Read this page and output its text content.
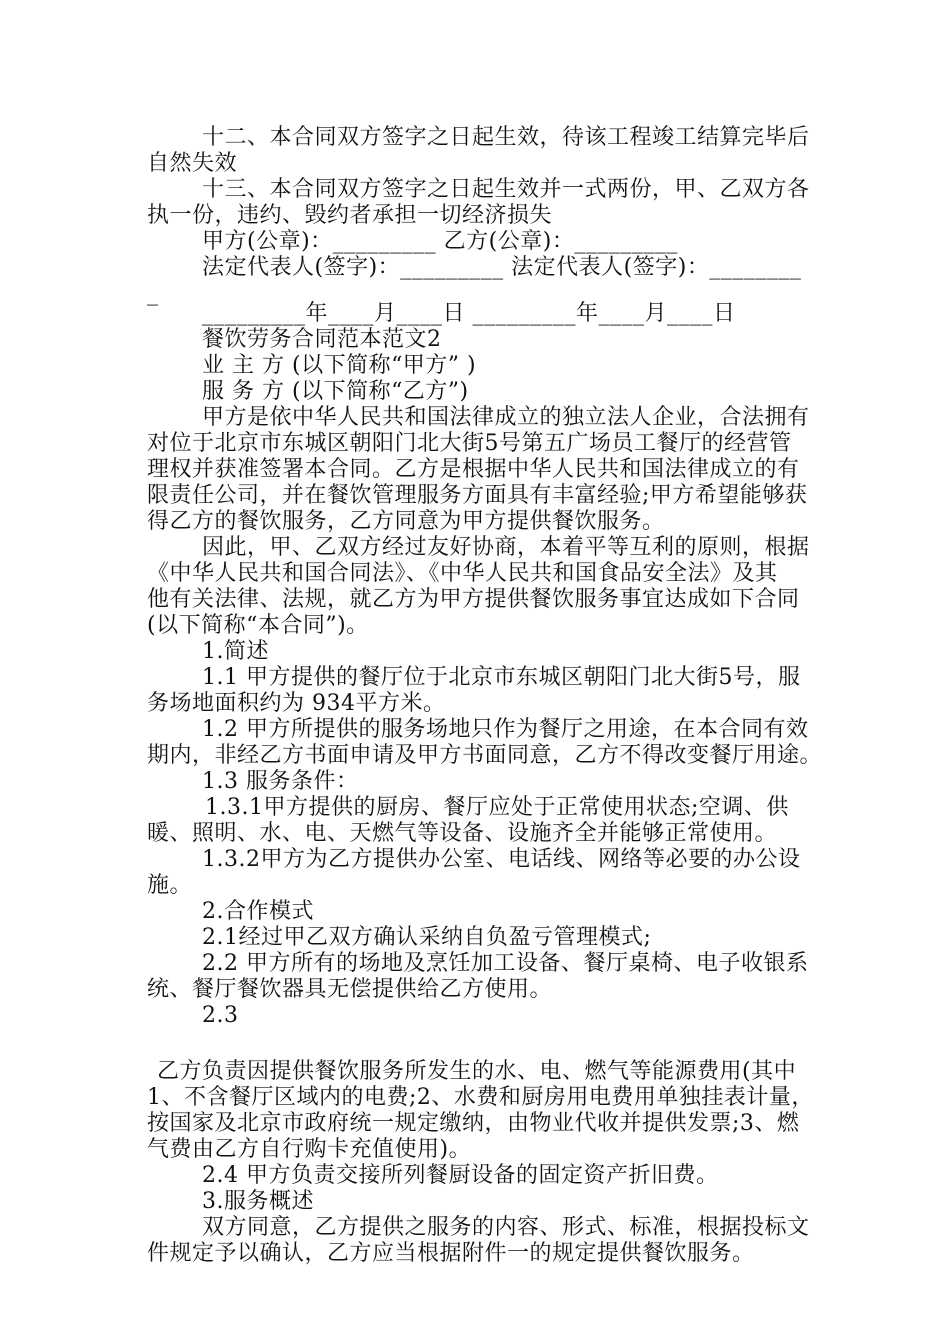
十二、本合同双方签字之日起生效，待该工程竣工结算完毕后
自然失效
十三、本合同双方签字之日起生效并一式两份，甲、乙双方各
执一份，违约、毁约者承担一切经济损失
甲方(公章)：_________ 乙方(公章)：_________
法定代表人(签字)：_________ 法定代表人(签字)：________
_
_________年____月____日 _________年____月____日
餐饮劳务合同范本范文2
业 主 方 (以下简称“甲方” )
服 务 方 (以下简称“乙方”)
甲方是依中华人民共和国法律成立的独立法人企业，合法拥有
对位于北京市东城区朝阳门北大街5号第五广场员工餐厅的经营管
理权并获准签署本合同。乙方是根据中华人民共和国法律成立的有
限责任公司，并在餐饮管理服务方面具有丰富经验;甲方希望能够获
得乙方的餐饮服务，乙方同意为甲方提供餐饮服务。
因此，甲、乙双方经过友好协商，本着平等互利的原则，根据
《中华人民共和国合同法》、《中华人民共和国食品安全法》及其
他有关法律、法规，就乙方为甲方提供餐饮服务事宜达成如下合同
(以下简称“本合同”)。
1.简述
1.1 甲方提供的餐厅位于北京市东城区朝阳门北大街5号，服
务场地面积约为 934平方米。
1.2 甲方所提供的服务场地只作为餐厅之用途，在本合同有效
期内，非经乙方书面申请及甲方书面同意，乙方不得改变餐厅用途。
1.3 服务条件：
1.3.1甲方提供的厨房、餐厅应处于正常使用状态;空调、供
暖、照明、水、电、天燃气等设备、设施齐全并能够正常使用。
1.3.2甲方为乙方提供办公室、电话线、网络等必要的办公设
施。
2.合作模式
2.1经过甲乙双方确认采纳自负盈亏管理模式;
2.2 甲方所有的场地及烹饪加工设备、餐厅桌椅、电子收银系
统、餐厅餐饮器具无偿提供给乙方使用。
2.3
乙方负责因提供餐饮服务所发生的水、电、燃气等能源费用(其中
1、不含餐厅区域内的电费;2、水费和厨房用电费用单独挂表计量，
按国家及北京市政府统一规定缴纳，由物业代收并提供发票;3、燃
气费由乙方自行购卡充值使用)。
2.4 甲方负责交接所列餐厨设备的固定资产折旧费。
3.服务概述
双方同意，乙方提供之服务的内容、形式、标准，根据投标文
件规定予以确认，乙方应当根据附件一的规定提供餐饮服务。
